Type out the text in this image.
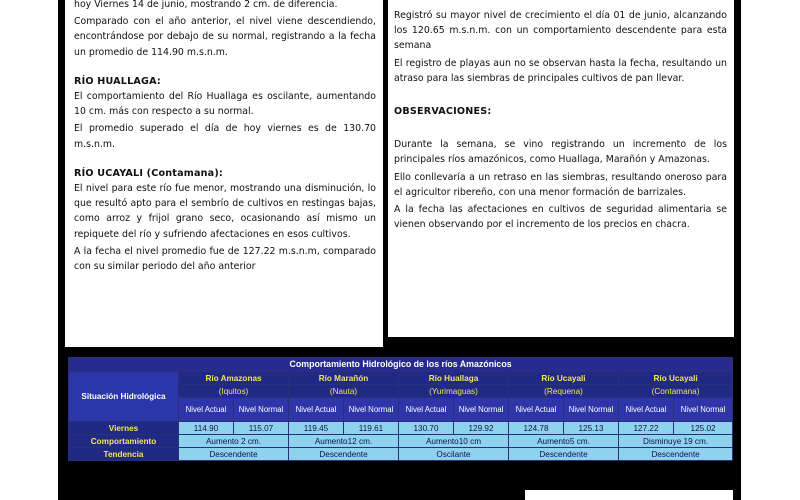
hoy Viernes 14 de junio, mostrando 2 cm. de diferencia.

Comparado con el año anterior, el nivel viene descendiendo, encontrándose por debajo de su normal, registrando a la fecha un promedio de 114.90 m.s.n.m.

RÍO HUALLAGA:

El comportamiento del Río Huallaga es oscilante, aumentando 10 cm. más con respecto a su normal.

El promedio superado el día de hoy viernes es de 130.70 m.s.n.m.

RÍO UCAYALI (Contamana):

El nivel para este río fue menor, mostrando una disminución, lo que resultó apto para el sembrío de cultivos en restingas bajas, como arroz y frijol grano seco, ocasionando así mismo un repiquete del río y sufriendo afectaciones en esos cultivos.

A la fecha el nivel promedio fue de 127.22 m.s.n.m, comparado con su similar periodo del año anterior

Registró su mayor nivel de crecimiento el día 01 de junio, alcanzando los 120.65 m.s.n.m. con un comportamiento descendente para esta semana

El registro de playas aun no se observan hasta la fecha, resultando un atraso para las siembras de principales cultivos de pan llevar.

OBSERVACIONES:

Durante la semana, se vino registrando un incremento de los principales ríos amazónicos, como Huallaga, Marañón y Amazonas.

Ello conllevaría a un retraso en las siembras, resultando oneroso para el agricultor ribereño, con una menor formación de barrizales.

A la fecha las afectaciones en cultivos de seguridad alimentaria se vienen observando por el incremento de los precios en chacra.

Comportamiento Hidrológico de los ríos Amazónicos										
Situación Hidrológica	Río Amazonas		Río Marañón		Río Huallaga		Río Ucayali		Río Ucayali	
	(Iquitos)		(Nauta)		(Yurimaguas)		(Requena)		(Contamana)	
	Nivel Actual	Nivel Normal	Nivel Actual	Nivel Normal	Nivel Actual	Nivel Normal	Nivel Actual	Nivel Normal	Nivel Actual	Nivel Normal
Viernes	114.90	115.07	119.45	119.61	130.70	129.92	124.78	125.13	127.22	125.02
Comportamiento	Aumento 2 cm.		Aumento12 cm.		Aumento10 cm		Aumento5 cm.		Disminuye 19 cm.	
Tendencia	Descendente		Descendente		Oscilante		Descendente		Descendente	
